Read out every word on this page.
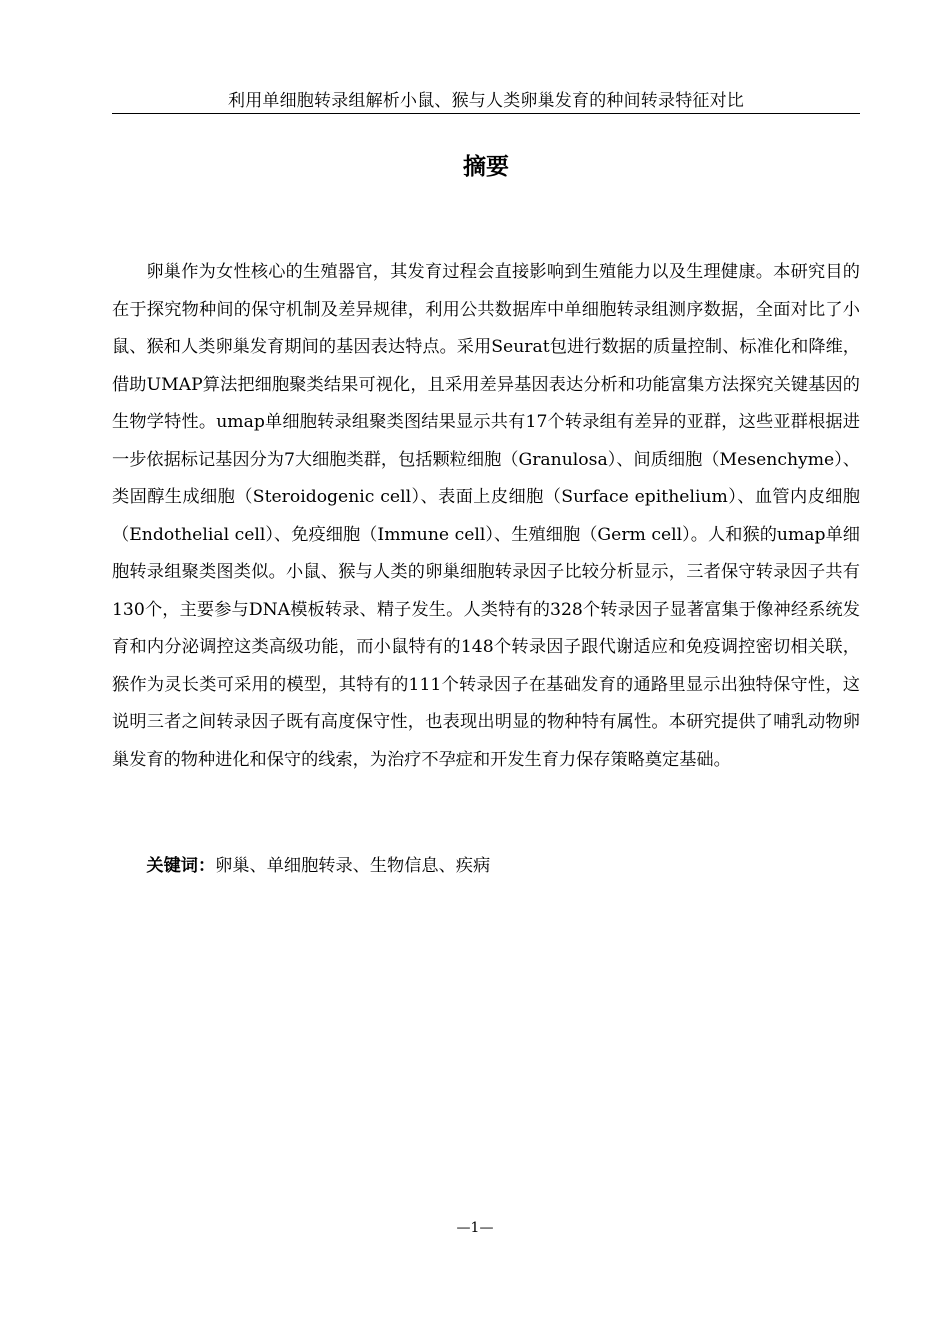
利用单细胞转录组解析小鼠、猴与人类卵巢发育的种间转录特征对比
摘要

卵巢作为女性核心的生殖器官，其发育过程会直接影响到生殖能力以及生理健康。本研究目的在于探究物种间的保守机制及差异规律，利用公共数据库中单细胞转录组测序数据，全面对比了小鼠、猴和人类卵巢发育期间的基因表达特点。采用Seurat包进行数据的质量控制、标准化和降维，借助UMAP算法把细胞聚类结果可视化，且采用差异基因表达分析和功能富集方法探究关键基因的生物学特性。umap单细胞转录组聚类图结果显示共有17个转录组有差异的亚群，这些亚群根据进一步依据标记基因分为7大细胞类群，包括颗粒细胞（Granulosa）、间质细胞（Mesenchyme）、类固醇生成细胞（Steroidogenic cell）、表面上皮细胞（Surface epithelium）、血管内皮细胞（Endothelial cell）、免疫细胞（Immune cell）、生殖细胞（Germ cell）。人和猴的umap单细胞转录组聚类图类似。小鼠、猴与人类的卵巢细胞转录因子比较分析显示，三者保守转录因子共有130个，主要参与DNA模板转录、精子发生。人类特有的328个转录因子显著富集于像神经系统发育和内分泌调控这类高级功能，而小鼠特有的148个转录因子跟代谢适应和免疫调控密切相关联，猴作为灵长类可采用的模型，其特有的111个转录因子在基础发育的通路里显示出独特保守性，这说明三者之间转录因子既有高度保守性，也表现出明显的物种特有属性。本研究提供了哺乳动物卵巢发育的物种进化和保守的线索，为治疗不孕症和开发生育力保存策略奠定基础。

关键词：卵巢、单细胞转录、生物信息、疾病

—1—
